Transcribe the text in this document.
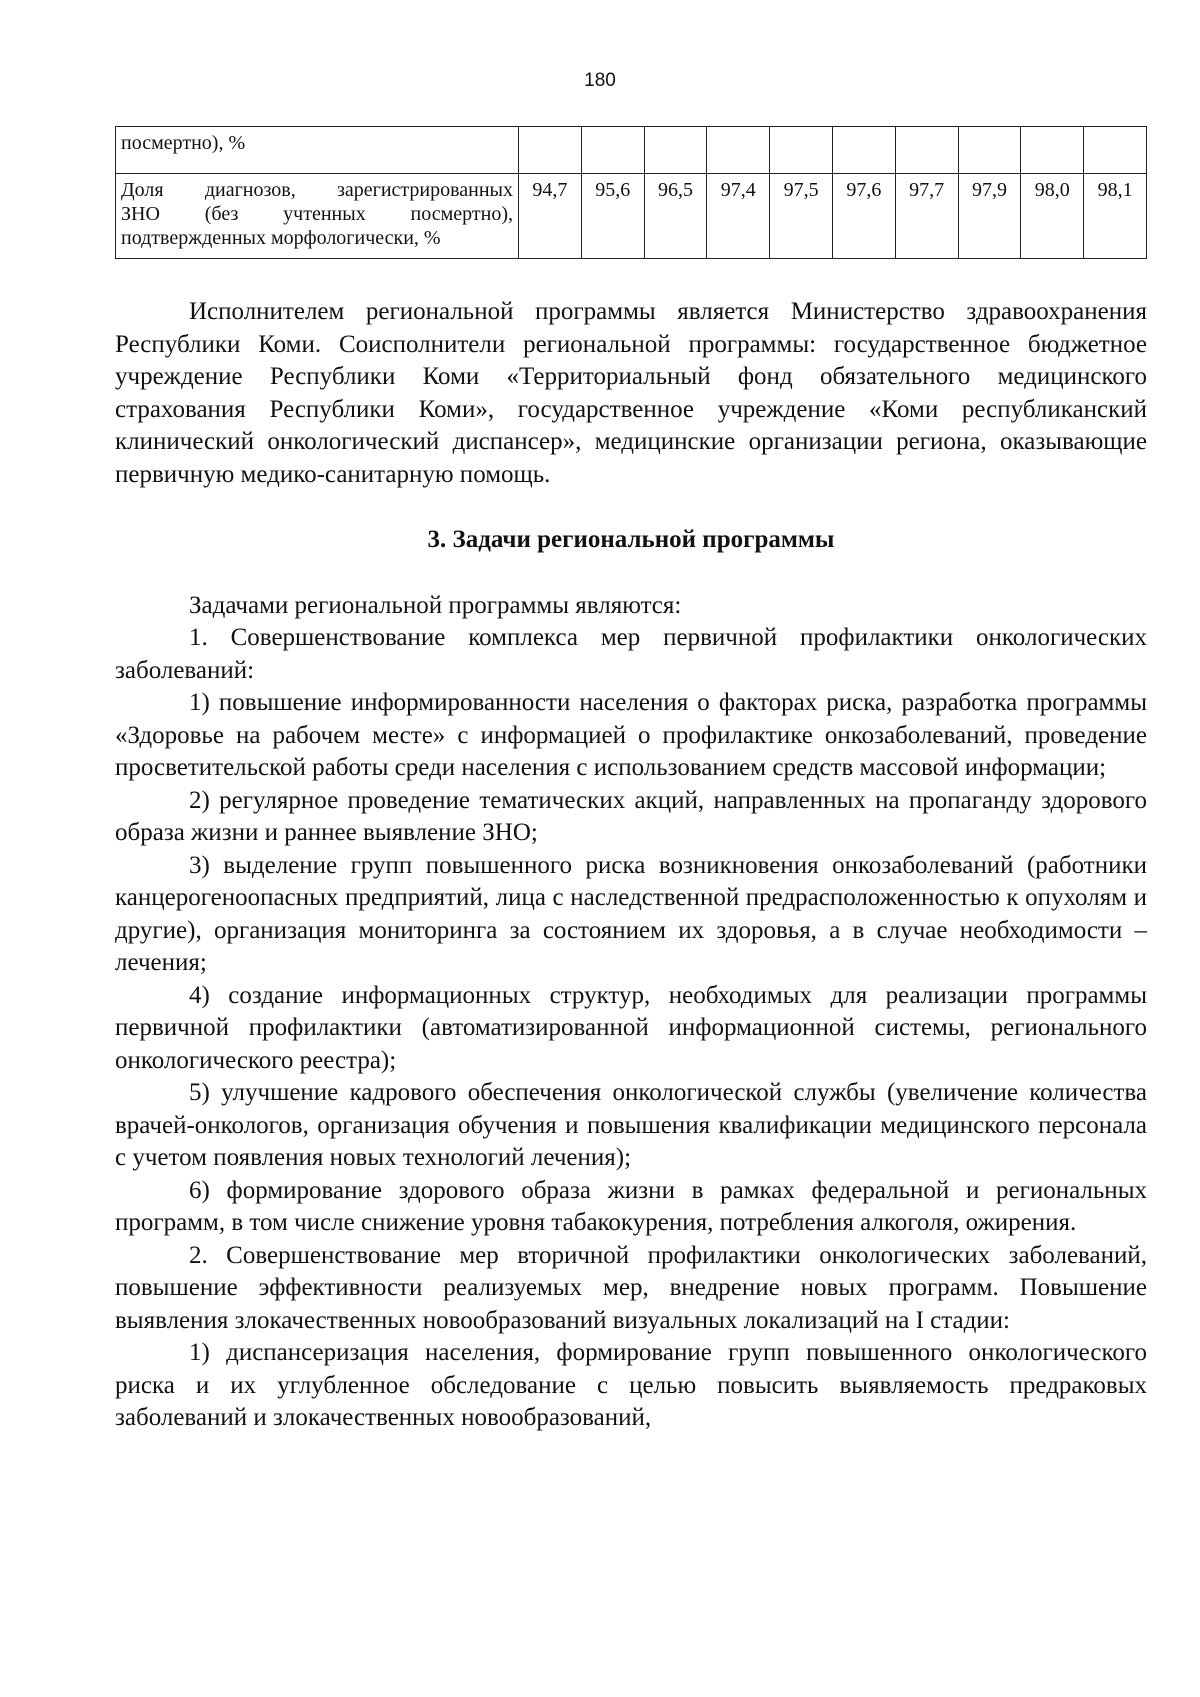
180
посмертно), %										

Доля диагнозов, зарегистрированных
ЗНО (без учтенных посмертно),
подтвержденных морфологически, %	94,7	95,6	96,5	97,4	97,5	97,6	97,7	97,9	98,0	98,1

Исполнителем региональной программы является Министерство здравоохранения Республики Коми. Соисполнители региональной программы: государственное бюджетное учреждение Республики Коми «Территориальный фонд обязательного медицинского страхования Республики Коми», государственное учреждение «Коми республиканский клинический онкологический диспансер», медицинские организации региона, оказывающие первичную медико-санитарную помощь.

3. Задачи региональной программы

Задачами региональной программы являются:

1. Совершенствование комплекса мер первичной профилактики онкологических заболеваний:

1) повышение информированности населения о факторах риска, разработка программы «Здоровье на рабочем месте» с информацией о профилактике онкозаболеваний, проведение просветительской работы среди населения с использованием средств массовой информации;

2) регулярное проведение тематических акций, направленных на пропаганду здорового образа жизни и раннее выявление ЗНО;

3) выделение групп повышенного риска возникновения онкозаболеваний (работники канцерогеноопасных предприятий, лица с наследственной предрасположенностью к опухолям и другие), организация мониторинга за состоянием их здоровья, а в случае необходимости – лечения;

4) создание информационных структур, необходимых для реализации программы первичной профилактики (автоматизированной информационной системы, регионального онкологического реестра);

5) улучшение кадрового обеспечения онкологической службы (увеличение количества врачей-онкологов, организация обучения и повышения квалификации медицинского персонала с учетом появления новых технологий лечения);

6) формирование здорового образа жизни в рамках федеральной и региональных программ, в том числе снижение уровня табакокурения, потребления алкоголя, ожирения.

2. Совершенствование мер вторичной профилактики онкологических заболеваний, повышение эффективности реализуемых мер, внедрение новых программ. Повышение выявления злокачественных новообразований визуальных локализаций на I стадии:

1) диспансеризация населения, формирование групп повышенного онкологического риска и их углубленное обследование с целью повысить выявляемость предраковых заболеваний и злокачественных новообразований,
